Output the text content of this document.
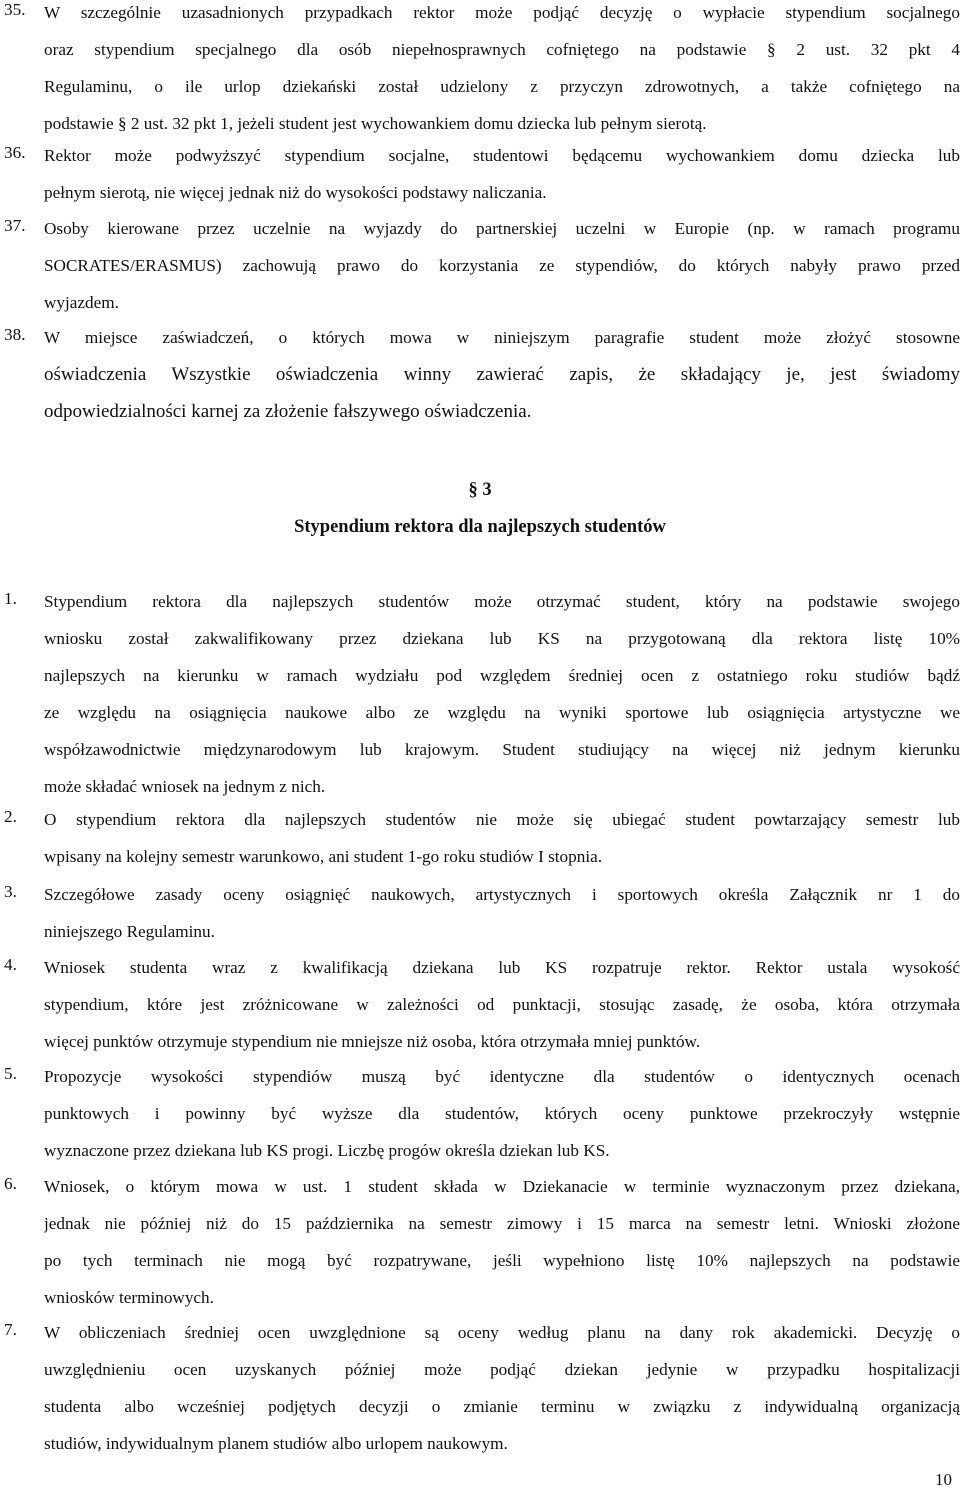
35. W szczególnie uzasadnionych przypadkach rektor może podjąć decyzję o wypłacie stypendium socjalnego
oraz stypendium specjalnego dla osób niepełnosprawnych cofniętego na podstawie § 2 ust. 32 pkt 4
Regulaminu, o ile urlop dziekański został udzielony z przyczyn zdrowotnych, a także cofniętego na
podstawie § 2 ust. 32 pkt 1, jeżeli student jest wychowankiem domu dziecka lub pełnym sierotą.
36. Rektor może podwyższyć stypendium socjalne, studentowi będącemu wychowankiem domu dziecka lub
pełnym sierotą, nie więcej jednak niż do wysokości podstawy naliczania.
37. Osoby kierowane przez uczelnie na wyjazdy do partnerskiej uczelni w Europie (np. w ramach programu
SOCRATES/ERASMUS) zachowują prawo do korzystania ze stypendiów, do których nabyły prawo przed
wyjazdem.
38. W miejsce zaświadczeń, o których mowa w niniejszym paragrafie student może złożyć stosowne
oświadczenia Wszystkie oświadczenia winny zawierać zapis, że składający je, jest świadomy
odpowiedzialności karnej za złożenie fałszywego oświadczenia.
§ 3
Stypendium rektora dla najlepszych studentów
1. Stypendium rektora dla najlepszych studentów może otrzymać student, który na podstawie swojego
wniosku został zakwalifikowany przez dziekana lub KS na przygotowaną dla rektora listę 10%
najlepszych na kierunku w ramach wydziału pod względem średniej ocen z ostatniego roku studiów bądź
ze względu na osiągnięcia naukowe albo ze względu na wyniki sportowe lub osiągnięcia artystyczne we
współzawodnictwie międzynarodowym lub krajowym. Student studiujący na więcej niż jednym kierunku
może składać wniosek na jednym z nich.
2. O stypendium rektora dla najlepszych studentów nie może się ubiegać student powtarzający semestr lub
wpisany na kolejny semestr warunkowo, ani student 1-go roku studiów I stopnia.
3. Szczegółowe zasady oceny osiągnięć naukowych, artystycznych i sportowych określa Załącznik nr 1 do
niniejszego Regulaminu.
4. Wniosek studenta wraz z kwalifikacją dziekana lub KS rozpatruje rektor. Rektor ustala wysokość
stypendium, które jest zróżnicowane w zależności od punktacji, stosując zasadę, że osoba, która otrzymała
więcej punktów otrzymuje stypendium nie mniejsze niż osoba, która otrzymała mniej punktów.
5. Propozycje wysokości stypendiów muszą być identyczne dla studentów o identycznych ocenach
punktowych i powinny być wyższe dla studentów, których oceny punktowe przekroczyły wstępnie
wyznaczone przez dziekana lub KS progi. Liczbę progów określa dziekan lub KS.
6. Wniosek, o którym mowa w ust. 1 student składa w Dziekanacie w terminie wyznaczonym przez dziekana,
jednak nie później niż do 15 października na semestr zimowy i 15 marca na semestr letni. Wnioski złożone
po tych terminach nie mogą być rozpatrywane, jeśli wypełniono listę 10% najlepszych na podstawie
wniosków terminowych.
7. W obliczeniach średniej ocen uwzględnione są oceny według planu na dany rok akademicki. Decyzję o
uwzględnieniu ocen uzyskanych później może podjąć dziekan jedynie w przypadku hospitalizacji
studenta albo wcześniej podjętych decyzji o zmianie terminu w związku z indywidualną organizacją
studiów, indywidualnym planem studiów albo urlopem naukowym.
10
